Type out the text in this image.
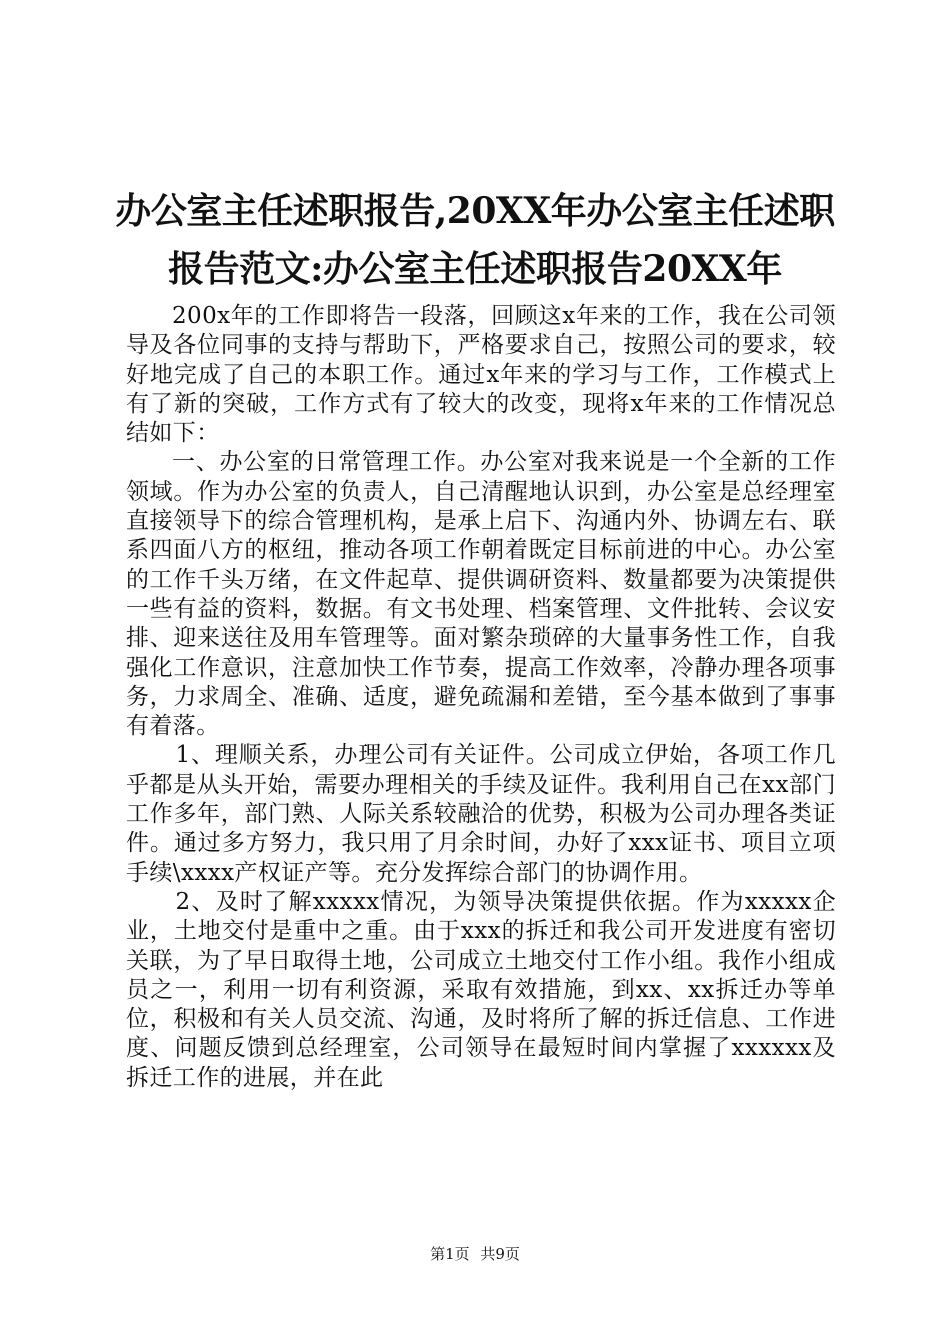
办公室主任述职报告,20XX年办公室主任述职
报告范文:办公室主任述职报告20XX年

200x年的工作即将告一段落，回顾这x年来的工作，我在公司领导及各位同事的支持与帮助下，严格要求自己，按照公司的要求，较好地完成了自己的本职工作。通过x年来的学习与工作，工作模式上有了新的突破，工作方式有了较大的改变，现将x年来的工作情况总结如下：

一、办公室的日常管理工作。办公室对我来说是一个全新的工作领域。作为办公室的负责人，自己清醒地认识到，办公室是总经理室直接领导下的综合管理机构，是承上启下、沟通内外、协调左右、联系四面八方的枢纽，推动各项工作朝着既定目标前进的中心。办公室的工作千头万绪，在文件起草、提供调研资料、数量都要为决策提供一些有益的资料，数据。有文书处理、档案管理、文件批转、会议安排、迎来送往及用车管理等。面对繁杂琐碎的大量事务性工作，自我强化工作意识，注意加快工作节奏，提高工作效率，冷静办理各项事务，力求周全、准确、适度，避免疏漏和差错，至今基本做到了事事有着落。

1、理顺关系，办理公司有关证件。公司成立伊始，各项工作几乎都是从头开始，需要办理相关的手续及证件。我利用自己在xx部门工作多年，部门熟、人际关系较融洽的优势，积极为公司办理各类证件。通过多方努力，我只用了月余时间，办好了xxx证书、项目立项手续\xxxx产权证产等。充分发挥综合部门的协调作用。

2、及时了解xxxxx情况，为领导决策提供依据。作为xxxxx企业，土地交付是重中之重。由于xxx的拆迁和我公司开发进度有密切关联，为了早日取得土地，公司成立土地交付工作小组。我作小组成员之一，利用一切有利资源，采取有效措施，到xx、xx拆迁办等单位，积极和有关人员交流、沟通，及时将所了解的拆迁信息、工作进度、问题反馈到总经理室，公司领导在最短时间内掌握了xxxxxx及拆迁工作的进展，并在此

第1页 共9页
